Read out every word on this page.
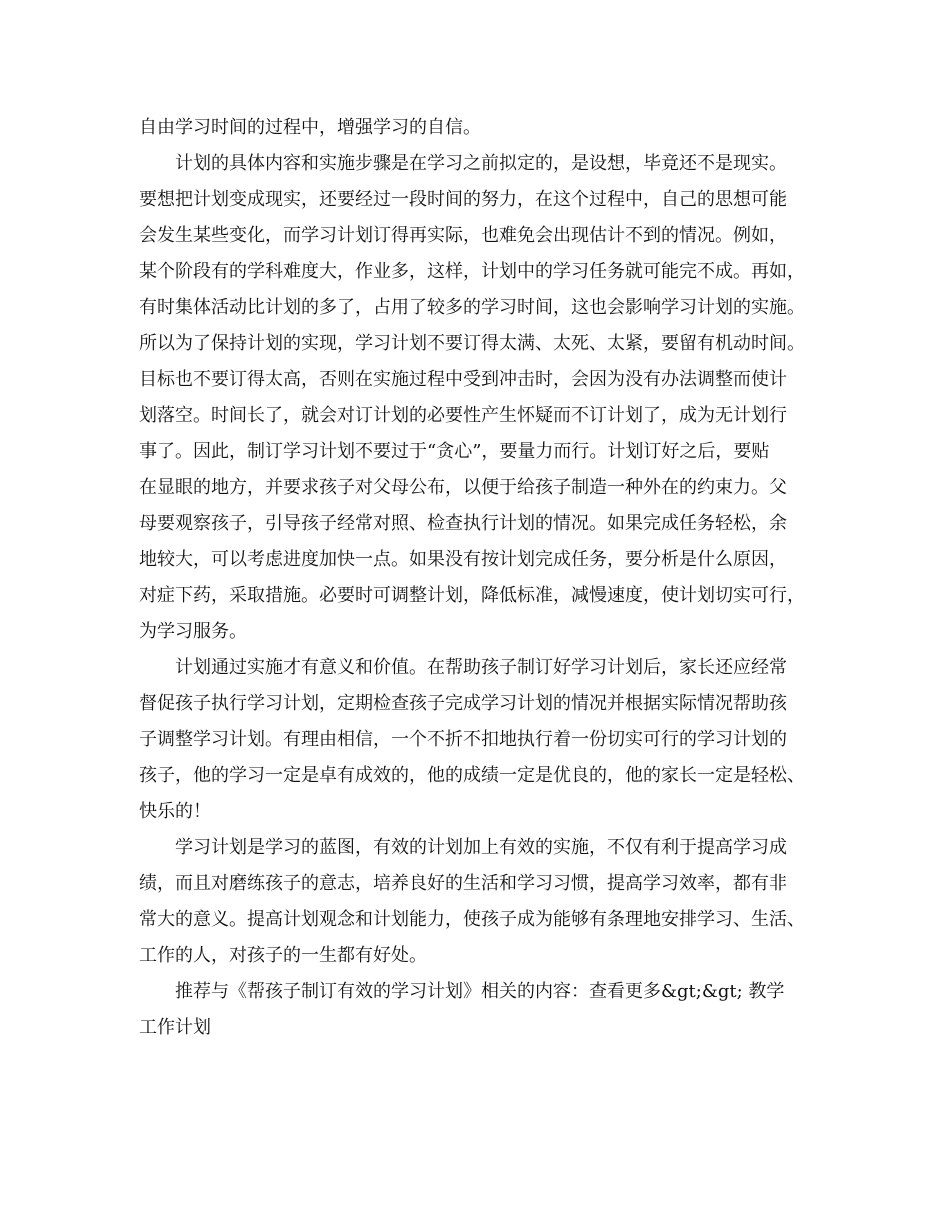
自由学习时间的过程中，增强学习的自信。
计划的具体内容和实施步骤是在学习之前拟定的，是设想，毕竟还不是现实。
要想把计划变成现实，还要经过一段时间的努力，在这个过程中，自己的思想可能
会发生某些变化，而学习计划订得再实际，也难免会出现估计不到的情况。例如，
某个阶段有的学科难度大，作业多，这样，计划中的学习任务就可能完不成。再如，
有时集体活动比计划的多了，占用了较多的学习时间，这也会影响学习计划的实施。
所以为了保持计划的实现，学习计划不要订得太满、太死、太紧，要留有机动时间。
目标也不要订得太高，否则在实施过程中受到冲击时，会因为没有办法调整而使计
划落空。时间长了，就会对订计划的必要性产生怀疑而不订计划了，成为无计划行
事了。因此，制订学习计划不要过于“贪心”，要量力而行。计划订好之后，要贴
在显眼的地方，并要求孩子对父母公布，以便于给孩子制造一种外在的约束力。父
母要观察孩子，引导孩子经常对照、检查执行计划的情况。如果完成任务轻松，余
地较大，可以考虑进度加快一点。如果没有按计划完成任务，要分析是什么原因，
对症下药，采取措施。必要时可调整计划，降低标准，减慢速度，使计划切实可行，
为学习服务。
计划通过实施才有意义和价值。在帮助孩子制订好学习计划后，家长还应经常
督促孩子执行学习计划，定期检查孩子完成学习计划的情况并根据实际情况帮助孩
子调整学习计划。有理由相信，一个不折不扣地执行着一份切实可行的学习计划的
孩子，他的学习一定是卓有成效的，他的成绩一定是优良的，他的家长一定是轻松、
快乐的！
学习计划是学习的蓝图，有效的计划加上有效的实施，不仅有利于提高学习成
绩，而且对磨练孩子的意志，培养良好的生活和学习习惯，提高学习效率，都有非
常大的意义。提高计划观念和计划能力，使孩子成为能够有条理地安排学习、生活、
工作的人，对孩子的一生都有好处。
推荐与《帮孩子制订有效的学习计划》相关的内容：查看更多&gt;&gt; 教学
工作计划
